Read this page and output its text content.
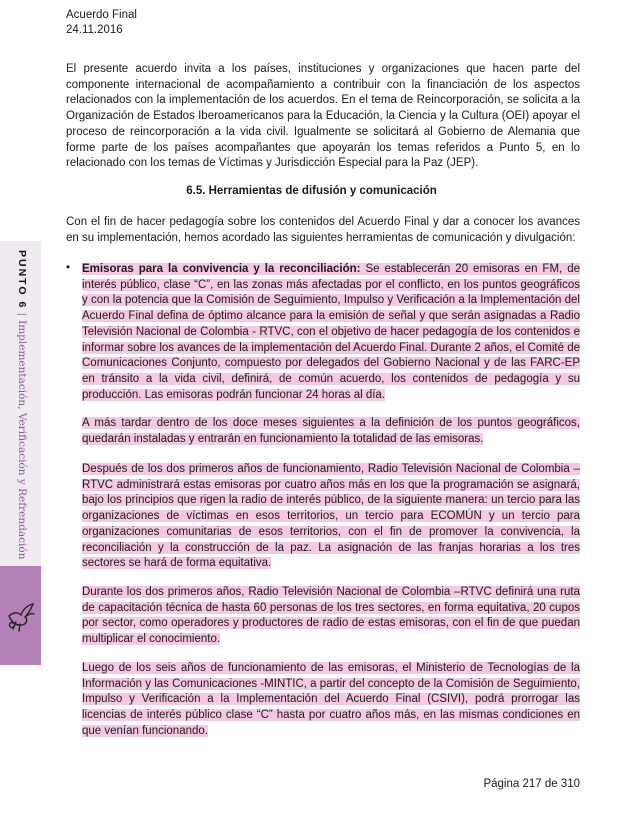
Acuerdo Final
24.11.2016
El presente acuerdo invita a los países, instituciones y organizaciones que hacen parte del componente internacional de acompañamiento a contribuir con la financiación de los aspectos relacionados con la implementación de los acuerdos. En el tema de Reincorporación, se solicita a la Organización de Estados Iberoamericanos para la Educación, la Ciencia y la Cultura (OEI) apoyar el proceso de reincorporación a la vida civil. Igualmente se solicitará al Gobierno de Alemania que forme parte de los países acompañantes que apoyarán los temas referidos a Punto 5, en lo relacionado con los temas de Víctimas y Jurisdicción Especial para la Paz (JEP).
6.5. Herramientas de difusión y comunicación
Con el fin de hacer pedagogía sobre los contenidos del Acuerdo Final y dar a conocer los avances en su implementación, hemos acordado las siguientes herramientas de comunicación y divulgación:
PUNTO 6|Implementación, Verificación y Refrendación
• Emisoras para la convivencia y la reconciliación: Se establecerán 20 emisoras en FM, de interés público, clase “C”, en las zonas más afectadas por el conflicto, en los puntos geográficos y con la potencia que la Comisión de Seguimiento, Impulso y Verificación a la Implementación del Acuerdo Final defina de óptimo alcance para la emisión de señal y que serán asignadas a Radio Televisión Nacional de Colombia - RTVC, con el objetivo de hacer pedagogía de los contenidos e informar sobre los avances de la implementación del Acuerdo Final. Durante 2 años, el Comité de Comunicaciones Conjunto, compuesto por delegados del Gobierno Nacional y de las FARC-EP en tránsito a la vida civil, definirá, de común acuerdo, los contenidos de pedagogía y su producción. Las emisoras podrán funcionar 24 horas al día.
A más tardar dentro de los doce meses siguientes a la definición de los puntos geográficos, quedarán instaladas y entrarán en funcionamiento la totalidad de las emisoras.
Después de los dos primeros años de funcionamiento, Radio Televisión Nacional de Colombia – RTVC administrará estas emisoras por cuatro años más en los que la programación se asignará, bajo los principios que rigen la radio de interés público, de la siguiente manera: un tercio para las organizaciones de víctimas en esos territorios, un tercio para ECOMÚN y un tercio para organizaciones comunitarias de esos territorios, con el fin de promover la convivencia, la reconciliación y la construcción de la paz. La asignación de las franjas horarias a los tres sectores se hará de forma equitativa.
Durante los dos primeros años, Radio Televisión Nacional de Colombia –RTVC definirá una ruta de capacitación técnica de hasta 60 personas de los tres sectores, en forma equitativa, 20 cupos por sector, como operadores y productores de radio de estas emisoras, con el fin de que puedan multiplicar el conocimiento.
Luego de los seis años de funcionamiento de las emisoras, el Ministerio de Tecnologías de la Información y las Comunicaciones -MINTIC, a partir del concepto de la Comisión de Seguimiento, Impulso y Verificación a la Implementación del Acuerdo Final (CSIVI), podrá prorrogar las licencias de interés público clase “C” hasta por cuatro años más, en las mismas condiciones en que venían funcionando.
Página 217 de 310
